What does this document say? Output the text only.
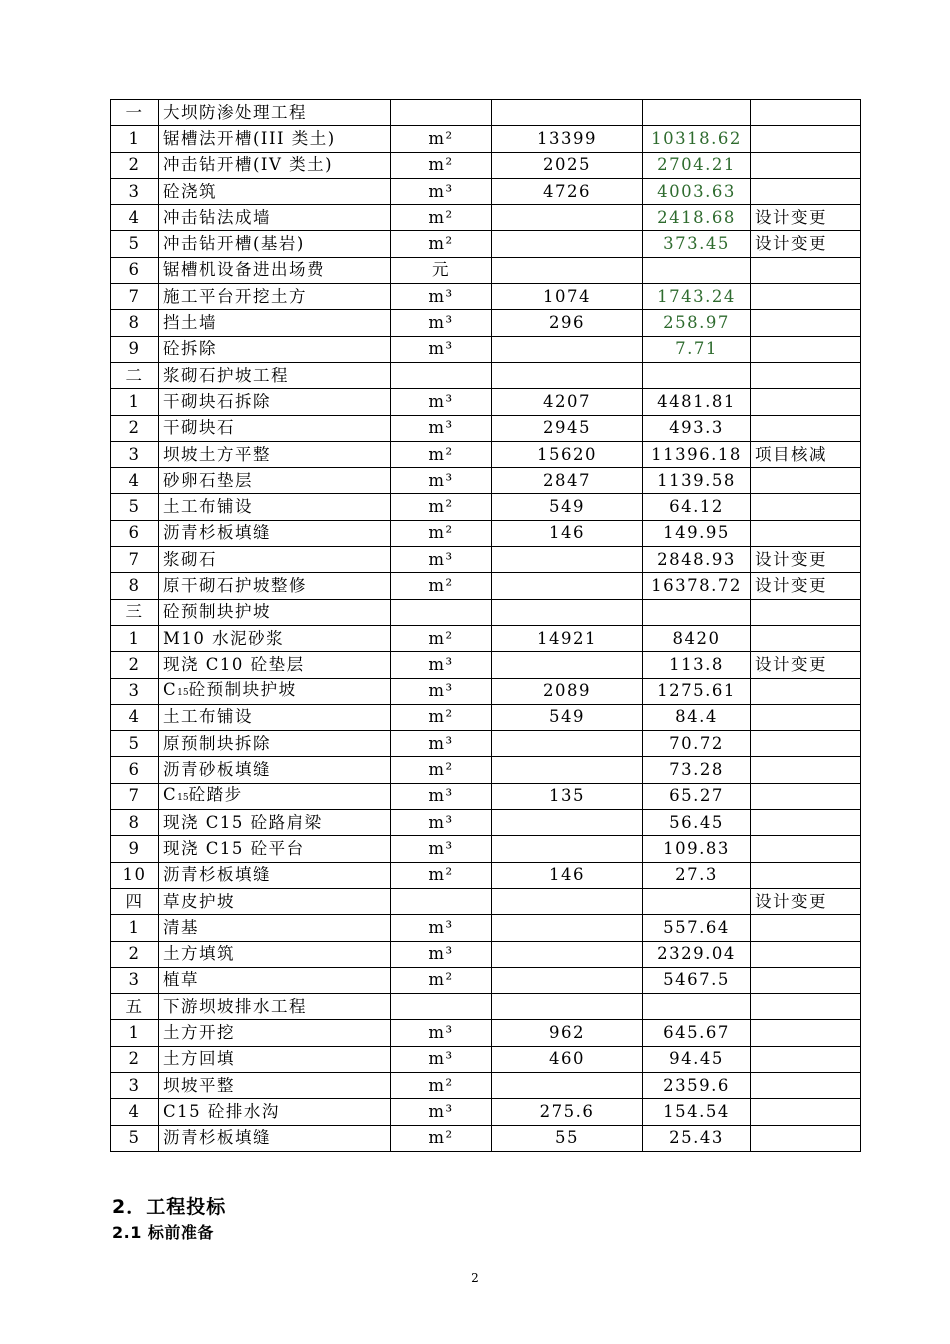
一	大坝防渗处理工程				
1	锯槽法开槽(III 类土)	m²	13399	10318.62	
2	冲击钻开槽(IV 类土)	m²	2025	2704.21	
3	砼浇筑	m³	4726	4003.63	
4	冲击钻法成墙	m²		2418.68	设计变更
5	冲击钻开槽(基岩)	m²		373.45	设计变更
6	锯槽机设备进出场费	元			
7	施工平台开挖土方	m³	1074	1743.24	
8	挡土墙	m³	296	258.97	
9	砼拆除	m³		7.71	
二	浆砌石护坡工程				
1	干砌块石拆除	m³	4207	4481.81	
2	干砌块石	m³	2945	493.3	
3	坝坡土方平整	m²	15620	11396.18	项目核减
4	砂卵石垫层	m³	2847	1139.58	
5	土工布铺设	m²	549	64.12	
6	沥青杉板填缝	m²	146	149.95	
7	浆砌石	m³		2848.93	设计变更
8	原干砌石护坡整修	m²		16378.72	设计变更
三	砼预制块护坡				
1	M10 水泥砂浆	m²	14921	8420	
2	现浇 C10 砼垫层	m³		113.8	设计变更
3	C15砼预制块护坡	m³	2089	1275.61	
4	土工布铺设	m²	549	84.4	
5	原预制块拆除	m³		70.72	
6	沥青砂板填缝	m²		73.28	
7	C15砼踏步	m³	135	65.27	
8	现浇 C15 砼路肩梁	m³		56.45	
9	现浇 C15 砼平台	m³		109.83	
10	沥青杉板填缝	m²	146	27.3	
四	草皮护坡				设计变更
1	清基	m³		557.64	
2	土方填筑	m³		2329.04	
3	植草	m²		5467.5	
五	下游坝坡排水工程				
1	土方开挖	m³	962	645.67	
2	土方回填	m³	460	94.45	
3	坝坡平整	m²		2359.6	
4	C15 砼排水沟	m³	275.6	154.54	
5	沥青杉板填缝	m²	55	25.43	
2．工程投标
2.1 标前准备
2
